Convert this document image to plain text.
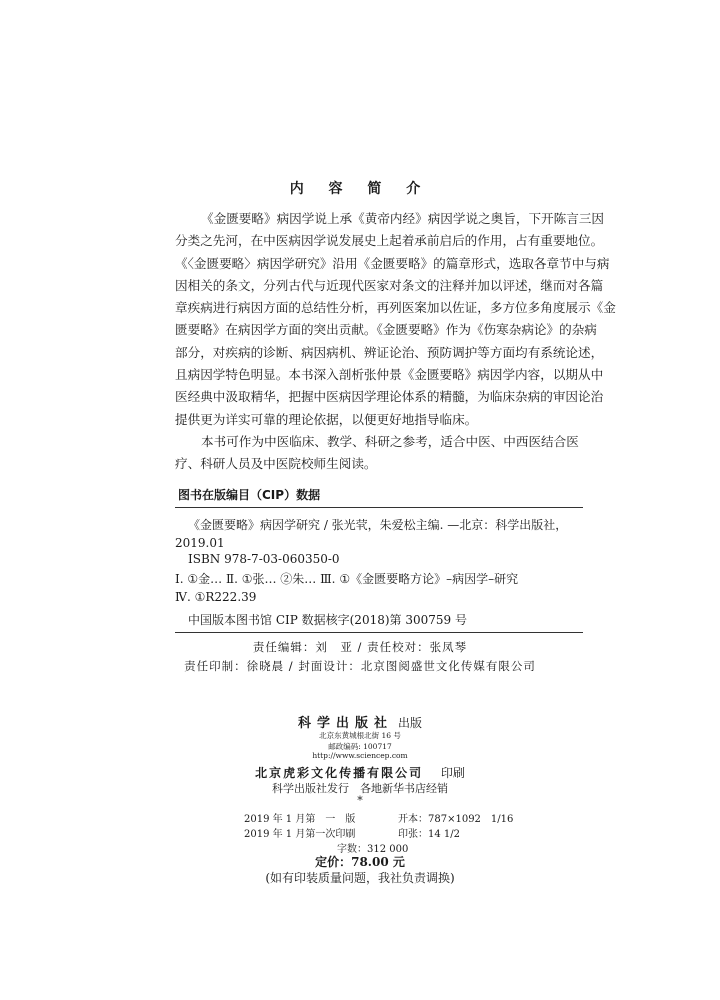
内 容 简 介

《金匮要略》病因学说上承《黄帝内经》病因学说之奥旨，下开陈言三因

分类之先河，在中医病因学说发展史上起着承前启后的作用，占有重要地位。

《〈金匮要略〉病因学研究》沿用《金匮要略》的篇章形式，选取各章节中与病

因相关的条文，分列古代与近现代医家对条文的注释并加以评述，继而对各篇

章疾病进行病因方面的总结性分析，再列医案加以佐证，多方位多角度展示《金

匮要略》在病因学方面的突出贡献。《金匮要略》作为《伤寒杂病论》的杂病

部分，对疾病的诊断、病因病机、辨证论治、预防调护等方面均有系统论述，

且病因学特色明显。本书深入剖析张仲景《金匮要略》病因学内容，以期从中

医经典中汲取精华，把握中医病因学理论体系的精髓，为临床杂病的审因论治

提供更为详实可靠的理论依据，以便更好地指导临床。

本书可作为中医临床、教学、科研之参考，适合中医、中西医结合医

疗、科研人员及中医院校师生阅读。

图书在版编目（CIP）数据
《金匮要略》病因学研究 / 张光茕，朱爱松主编. —北京：科学出版社，
2019.01
ISBN 978-7-03-060350-0
Ⅰ. ①金… Ⅱ. ①张… ②朱… Ⅲ. ①《金匮要略方论》–病因学–研究
Ⅳ. ①R222.39
中国版本图书馆 CIP 数据核字(2018)第 300759 号
责任编辑：刘　亚 / 责任校对：张凤琴
责任印制：徐晓晨 / 封面设计：北京图阅盛世文化传媒有限公司
科学出版社 出版
北京东黄城根北街 16 号
邮政编码: 100717
http://www.sciencep.com
北京虎彩文化传播有限公司 印刷
科学出版社发行　各地新华书店经销
*
2019 年 1 月第　一　版	开本：787×1092　1/16
2019 年 1 月第一次印刷	印张：14 1/2
字数：312 000
定价：78.00 元
(如有印装质量问题，我社负责调换)
